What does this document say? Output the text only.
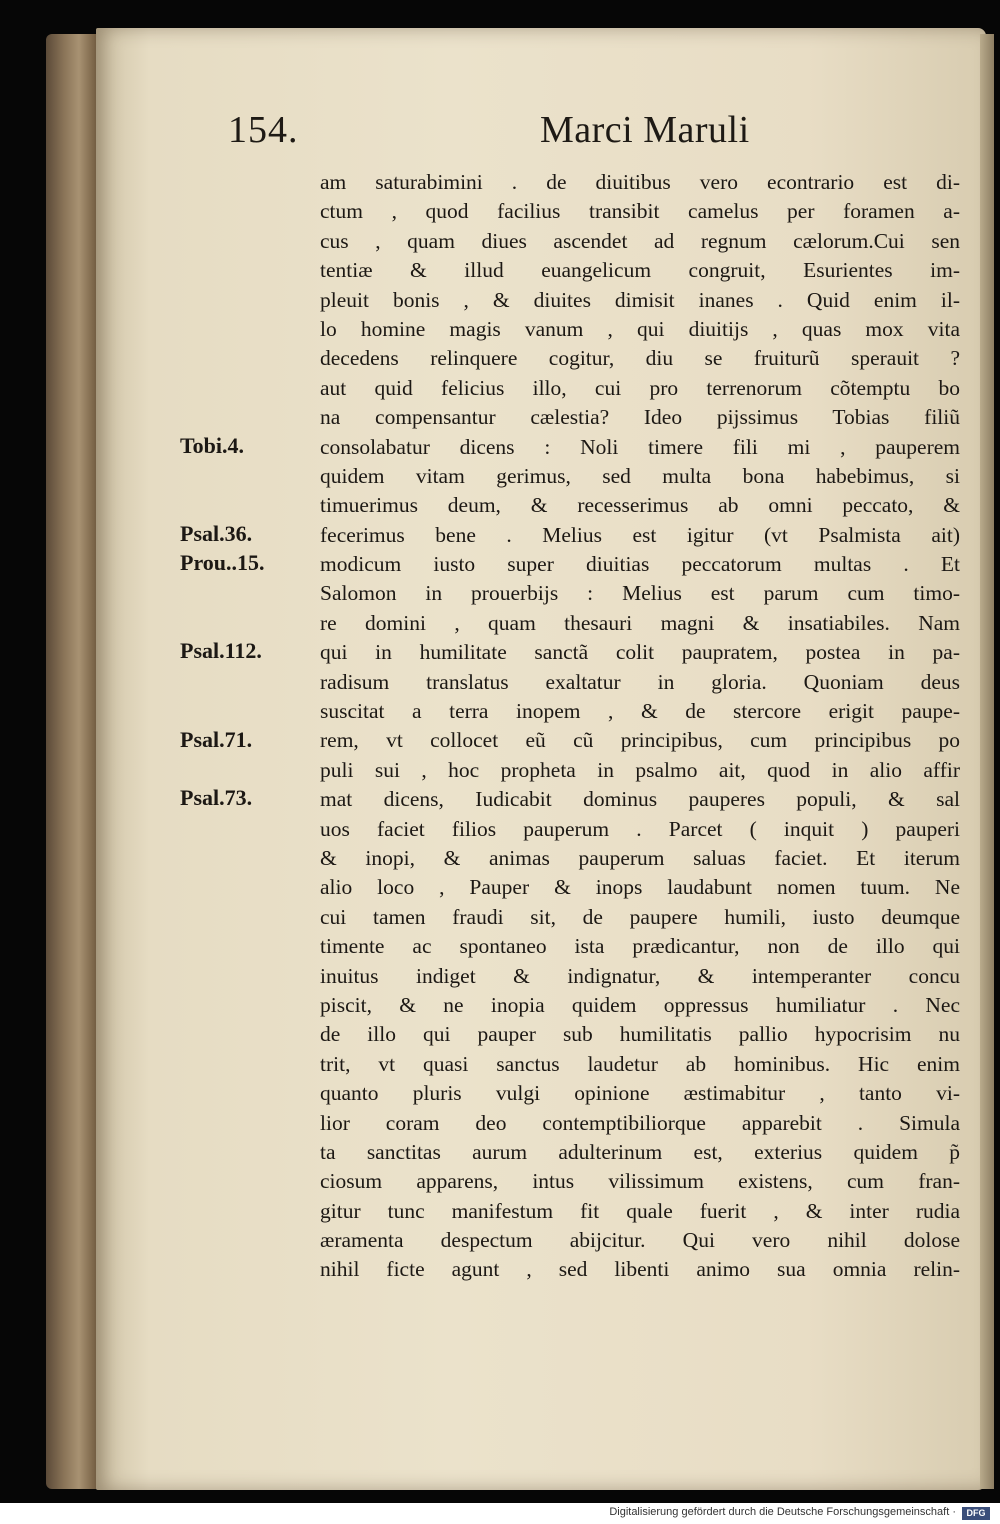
154.	Marci Maruli
am saturabimini . de diuitibus vero econtrario est di-
ctum , quod facilius transibit camelus per foramen a-
cus , quam diues ascendet ad regnum cælorum.Cui sen
tentiæ & illud euangelicum congruit, Esurientes im-
pleuit bonis , & diuites dimisit inanes . Quid enim il-
lo homine magis vanum , qui diuitijs , quas mox vita
decedens relinquere cogitur, diu se fruiturũ sperauit ?
aut quid felicius illo, cui pro terrenorum cõtemptu bo
na compensantur cælestia? Ideo pijssimus Tobias filiũ
consolabatur dicens : Noli timere fili mi , pauperem
quidem vitam gerimus, sed multa bona habebimus, si
timuerimus deum, & recesserimus ab omni peccato, &
fecerimus bene . Melius est igitur (vt Psalmista ait)
modicum iusto super diuitias peccatorum multas . Et
Salomon in prouerbijs : Melius est parum cum timo-
re domini , quam thesauri magni & insatiabiles. Nam
qui in humilitate sanctã colit paupratem, postea in pa-
radisum translatus exaltatur in gloria. Quoniam deus
suscitat a terra inopem , & de stercore erigit paupe-
rem, vt collocet eũ cũ principibus, cum principibus po
puli sui , hoc propheta in psalmo ait, quod in alio affir
mat dicens, Iudicabit dominus pauperes populi, & sal
uos faciet filios pauperum . Parcet ( inquit ) pauperi
& inopi, & animas pauperum saluas faciet. Et iterum
alio loco , Pauper & inops laudabunt nomen tuum. Ne
cui tamen fraudi sit, de paupere humili, iusto deumque
timente ac spontaneo ista prædicantur, non de illo qui
inuitus indiget & indignatur, & intemperanter concu
piscit, & ne inopia quidem oppressus humiliatur . Nec
de illo qui pauper sub humilitatis pallio hypocrisim nu
trit, vt quasi sanctus laudetur ab hominibus. Hic enim
quanto pluris vulgi opinione æstimabitur , tanto vi-
lior coram deo contemptibiliorque apparebit . Simula
ta sanctitas aurum adulterinum est, exterius quidem p̃
ciosum apparens, intus vilissimum existens, cum fran-
gitur tunc manifestum fit quale fuerit , & inter rudia
æramenta despectum abijcitur. Qui vero nihil dolose
nihil ficte agunt , sed libenti animo sua omnia relin-
Tobi.4.
Psal.36.
Prou..15.
Psal.112.
Psal.71.
Psal.73.
Digitalisierung gefördert durch die Deutsche Forschungsgemeinschaft ·	DFG
